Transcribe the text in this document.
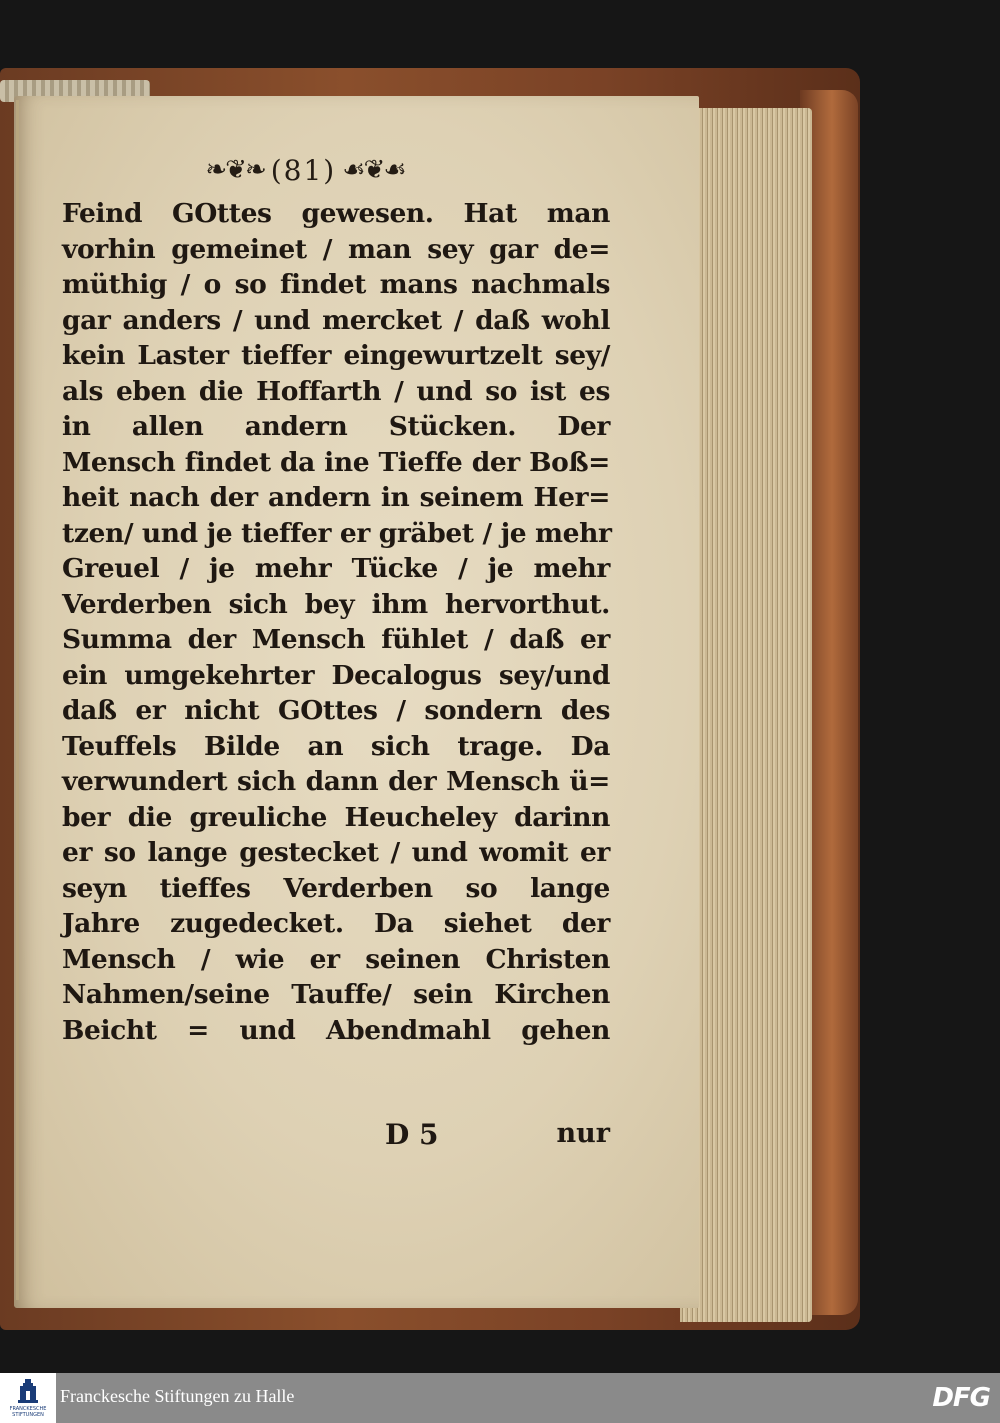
❧❦❧ (81) ☙❦☙
Feind GOttes gewesen. Hat man
vorhin gemeinet / man sey gar de=
müthig / o so findet mans nachmals
gar anders / und mercket / daß wohl
kein Laster tieffer eingewurtzelt sey/
als eben die Hoffarth / und so ist es
in allen andern Stücken. Der
Mensch findet da ine Tieffe der Boß=
heit nach der andern in seinem Her=
tzen/ und je tieffer er gräbet / je mehr
Greuel / je mehr Tücke / je mehr
Verderben sich bey ihm hervorthut.
Summa der Mensch fühlet / daß er
ein umgekehrter Decalogus sey/und
daß er nicht GOttes / sondern des
Teuffels Bilde an sich trage. Da
verwundert sich dann der Mensch ü=
ber die greuliche Heucheley darinn
er so lange gestecket / und womit er
seyn tieffes Verderben so lange
Jahre zugedecket. Da siehet der
Mensch / wie er seinen Christen
Nahmen/seine Tauffe/ sein Kirchen
Beicht = und Abendmahl gehen
D 5	nur
FRANCKESCHE STIFTUNGEN
Franckesche Stiftungen zu Halle	DFG
